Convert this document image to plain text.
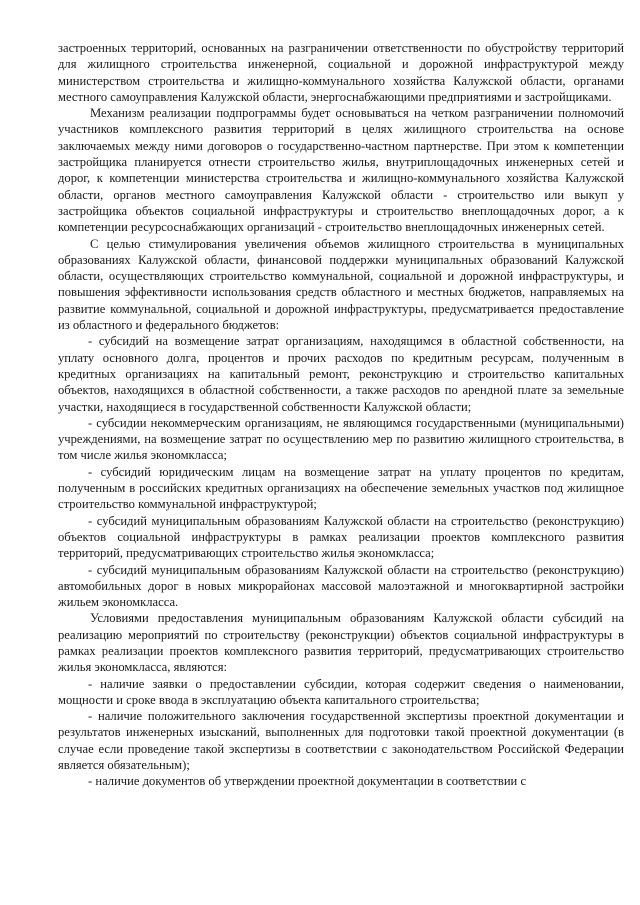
застроенных территорий, основанных на разграничении ответственности по обустройству территорий для жилищного строительства инженерной, социальной и дорожной инфраструктурой между министерством строительства и жилищно-коммунального хозяйства Калужской области, органами местного самоуправления Калужской области, энергоснабжающими предприятиями и застройщиками.

Механизм реализации подпрограммы будет основываться на четком разграничении полномочий участников комплексного развития территорий в целях жилищного строительства на основе заключаемых между ними договоров о государственно-частном партнерстве. При этом к компетенции застройщика планируется отнести строительство жилья, внутриплощадочных инженерных сетей и дорог, к компетенции министерства строительства и жилищно-коммунального хозяйства Калужской области, органов местного самоуправления Калужской области - строительство или выкуп у застройщика объектов социальной инфраструктуры и строительство внеплощадочных дорог, а к компетенции ресурсоснабжающих организаций - строительство внеплощадочных инженерных сетей.

С целью стимулирования увеличения объемов жилищного строительства в муниципальных образованиях Калужской области, финансовой поддержки муниципальных образований Калужской области, осуществляющих строительство коммунальной, социальной и дорожной инфраструктуры, и повышения эффективности использования средств областного и местных бюджетов, направляемых на развитие коммунальной, социальной и дорожной инфраструктуры, предусматривается предоставление из областного и федерального бюджетов:

- субсидий на возмещение затрат организациям, находящимся в областной собственности, на уплату основного долга, процентов и прочих расходов по кредитным ресурсам, полученным в кредитных организациях на капитальный ремонт, реконструкцию и строительство капитальных объектов, находящихся в областной собственности, а также расходов по арендной плате за земельные участки, находящиеся в государственной собственности Калужской области;

- субсидии некоммерческим организациям, не являющимся государственными (муниципальными) учреждениями, на возмещение затрат по осуществлению мер по развитию жилищного строительства, в том числе жилья экономкласса;

- субсидий юридическим лицам на возмещение затрат на уплату процентов по кредитам, полученным в российских кредитных организациях на обеспечение земельных участков под жилищное строительство коммунальной инфраструктурой;

- субсидий муниципальным образованиям Калужской области на строительство (реконструкцию) объектов социальной инфраструктуры в рамках реализации проектов комплексного развития территорий, предусматривающих строительство жилья экономкласса;

- субсидий муниципальным образованиям Калужской области на строительство (реконструкцию) автомобильных дорог в новых микрорайонах массовой малоэтажной и многоквартирной застройки жильем экономкласса.

Условиями предоставления муниципальным образованиям Калужской области субсидий на реализацию мероприятий по строительству (реконструкции) объектов социальной инфраструктуры в рамках реализации проектов комплексного развития территорий, предусматривающих строительство жилья экономкласса, являются:

- наличие заявки о предоставлении субсидии, которая содержит сведения о наименовании, мощности и сроке ввода в эксплуатацию объекта капитального строительства;

- наличие положительного заключения государственной экспертизы проектной документации и результатов инженерных изысканий, выполненных для подготовки такой проектной документации (в случае если проведение такой экспертизы в соответствии с законодательством Российской Федерации является обязательным);

- наличие документов об утверждении проектной документации в соответствии с
